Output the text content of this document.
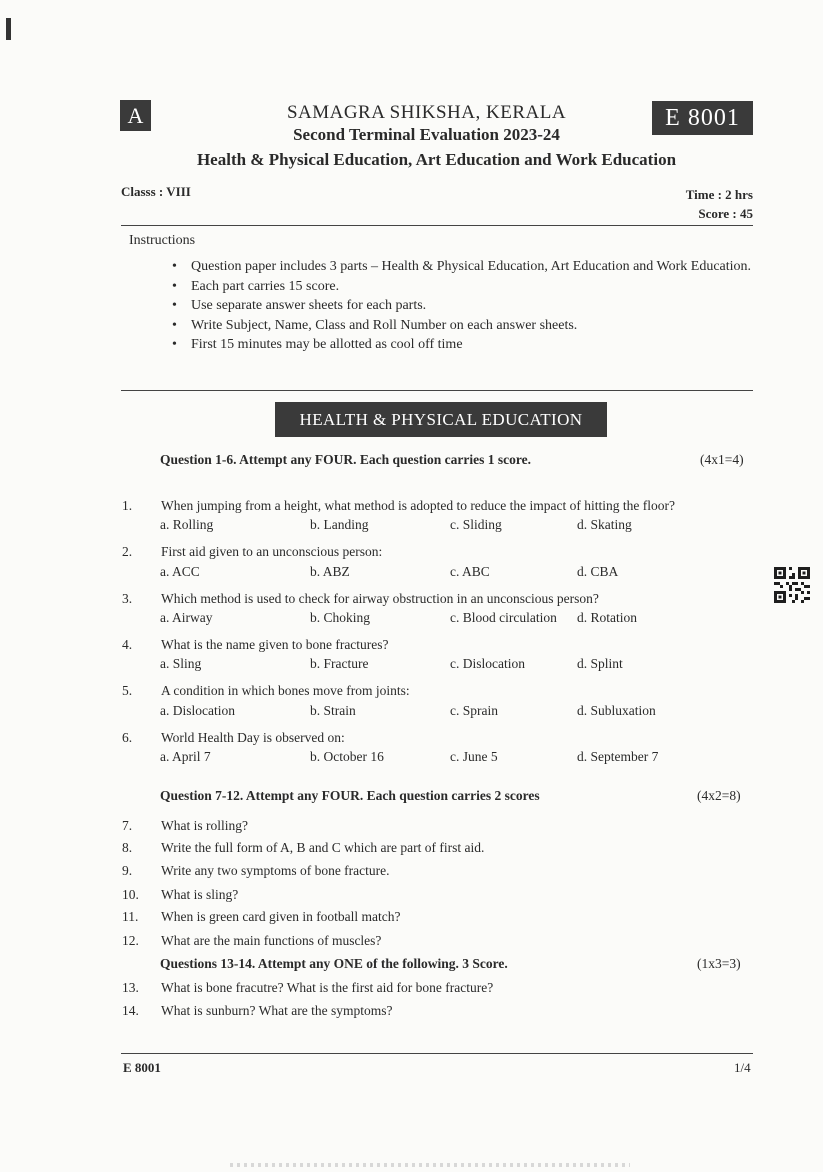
A	E 8001
SAMAGRA SHIKSHA, KERALA
Second Terminal Evaluation 2023-24
Health & Physical Education, Art Education and Work Education
Classs : VIII	Time : 2 hrs
Score : 45
Instructions
• Question paper includes 3 parts – Health & Physical Education, Art Education and Work Education.
• Each part carries 15 score.
• Use separate answer sheets for each parts.
• Write Subject, Name, Class and Roll Number on each answer sheets.
• First 15 minutes may be allotted as cool off time
HEALTH & PHYSICAL EDUCATION
Question 1-6. Attempt any FOUR. Each question carries 1 score.	(4x1=4)
1. When jumping from a height, what method is adopted to reduce the impact of hitting the floor?
a. Rolling	b. Landing	c. Sliding	d. Skating
2. First aid given to an unconscious person:
a. ACC	b. ABZ	c. ABC	d. CBA
3. Which method is used to check for airway obstruction in an unconscious person?
a. Airway	b. Choking	c. Blood circulation d. Rotation
4. What is the name given to bone fractures?
a. Sling	b. Fracture	c. Dislocation	d. Splint
5. A condition in which bones move from joints:
a. Dislocation	b. Strain	c. Sprain	d. Subluxation
6. World Health Day is observed on:
a. April 7	b. October 16	c. June 5	d. September 7
Question 7-12. Attempt any FOUR. Each question carries 2 scores	(4x2=8)
7. What is rolling?
8. Write the full form of A, B and C which are part of first aid.
9. Write any two symptoms of bone fracture.
10. What is sling?
11. When is green card given in football match?
12. What are the main functions of muscles?
Questions 13-14. Attempt any ONE of the following. 3 Score.	(1x3=3)
13. What is bone fracutre? What is the first aid for bone fracture?
14. What is sunburn? What are the symptoms?
E 8001	1/4
